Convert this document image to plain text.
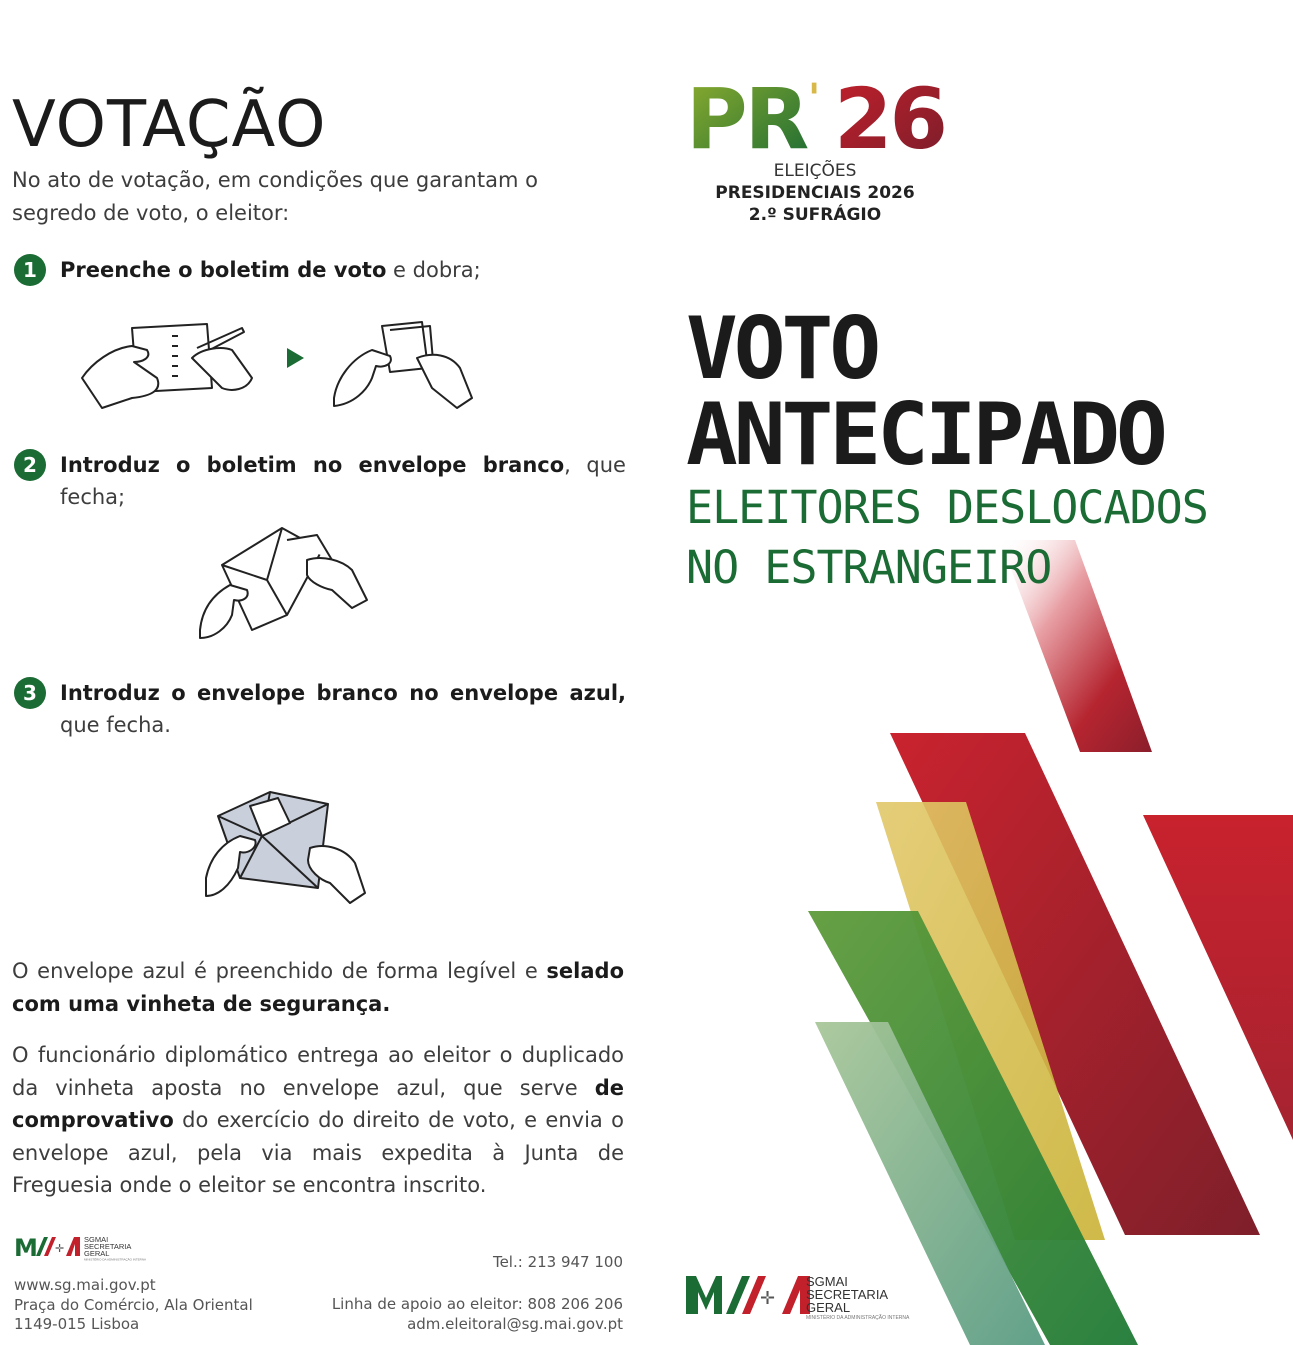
VOTAÇÃO
No ato de votação, em condições que garantam o segredo de voto, o eleitor:
1	Preenche o boletim de voto e dobra;
2	Introduz o boletim no envelope branco, que fecha;
3	Introduz o envelope branco no envelope azul, que fecha.
O envelope azul é preenchido de forma legível e selado com uma vinheta de segurança.
O funcionário diplomático entrega ao eleitor o duplicado da vinheta aposta no envelope azul, que serve de comprovativo do exercício do direito de voto, e envia o envelope azul, pela via mais expedita à Junta de Freguesia onde o eleitor se encontra inscrito.
M ✛
SGMAI
SECRETARIA
GERAL
MINISTÉRIO DA ADMINISTRAÇÃO INTERNA
www.sg.mai.gov.pt
Praça do Comércio, Ala Oriental
1149-015 Lisboa
Tel.: 213 947 100
Linha de apoio ao eleitor: 808 206 206
adm.eleitoral@sg.mai.gov.pt
PR ' 26
ELEIÇÕES
PRESIDENCIAIS 2026
2.º SUFRÁGIO
VOTO
ANTECIPADO
ELEITORES DESLOCADOS
NO ESTRANGEIRO
✛
SGMAI
SECRETARIA
GERAL
MINISTÉRIO DA ADMINISTRAÇÃO INTERNA
